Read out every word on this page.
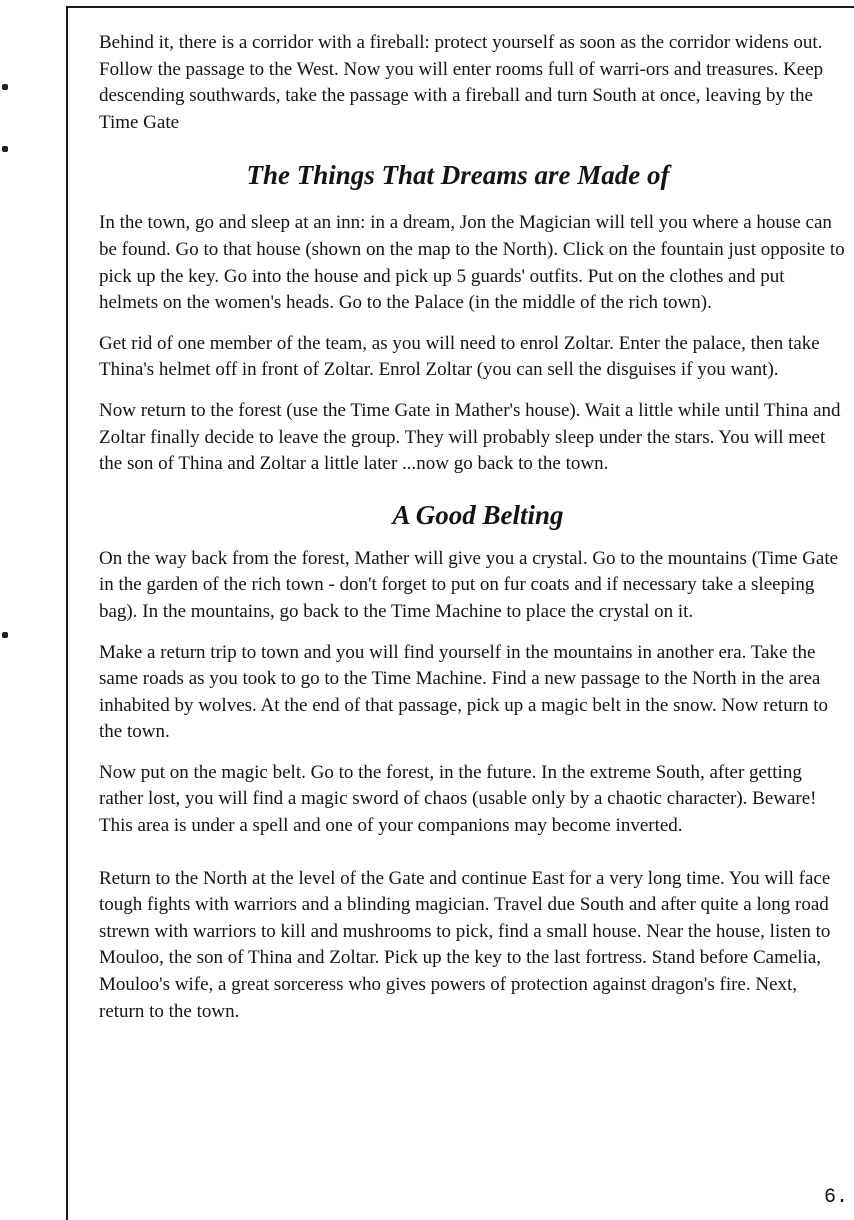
Behind it, there is a corridor with a fireball: protect yourself as soon as the corridor widens out. Follow the passage to the West. Now you will enter rooms full of warri-ors and treasures. Keep descending southwards, take the passage with a fireball and turn South at once, leaving by the Time Gate

The Things That Dreams are Made of

In the town, go and sleep at an inn: in a dream, Jon the Magician will tell you where a house can be found. Go to that house (shown on the map to the North). Click on the fountain just opposite to pick up the key. Go into the house and pick up 5 guards' outfits. Put on the clothes and put helmets on the women's heads. Go to the Palace (in the middle of the rich town).

Get rid of one member of the team, as you will need to enrol Zoltar. Enter the palace, then take Thina's helmet off in front of Zoltar. Enrol Zoltar (you can sell the disguises if you want).

Now return to the forest (use the Time Gate in Mather's house). Wait a little while until Thina and Zoltar finally decide to leave the group. They will probably sleep under the stars. You will meet the son of Thina and Zoltar a little later ...now go back to the town.

A Good Belting

On the way back from the forest, Mather will give you a crystal. Go to the mountains (Time Gate in the garden of the rich town - don't forget to put on fur coats and if necessary take a sleeping bag). In the mountains, go back to the Time Machine to place the crystal on it.

Make a return trip to town and you will find yourself in the mountains in another era. Take the same roads as you took to go to the Time Machine. Find a new passage to the North in the area inhabited by wolves. At the end of that passage, pick up a magic belt in the snow. Now return to the town.

Now put on the magic belt. Go to the forest, in the future. In the extreme South, after getting rather lost, you will find a magic sword of chaos (usable only by a chaotic character). Beware! This area is under a spell and one of your companions may become inverted.

Return to the North at the level of the Gate and continue East for a very long time. You will face tough fights with warriors and a blinding magician. Travel due South and after quite a long road strewn with warriors to kill and mushrooms to pick, find a small house. Near the house, listen to Mouloo, the son of Thina and Zoltar. Pick up the key to the last fortress. Stand before Camelia, Mouloo's wife, a great sorceress who gives powers of protection against dragon's fire. Next, return to the town.

6.
